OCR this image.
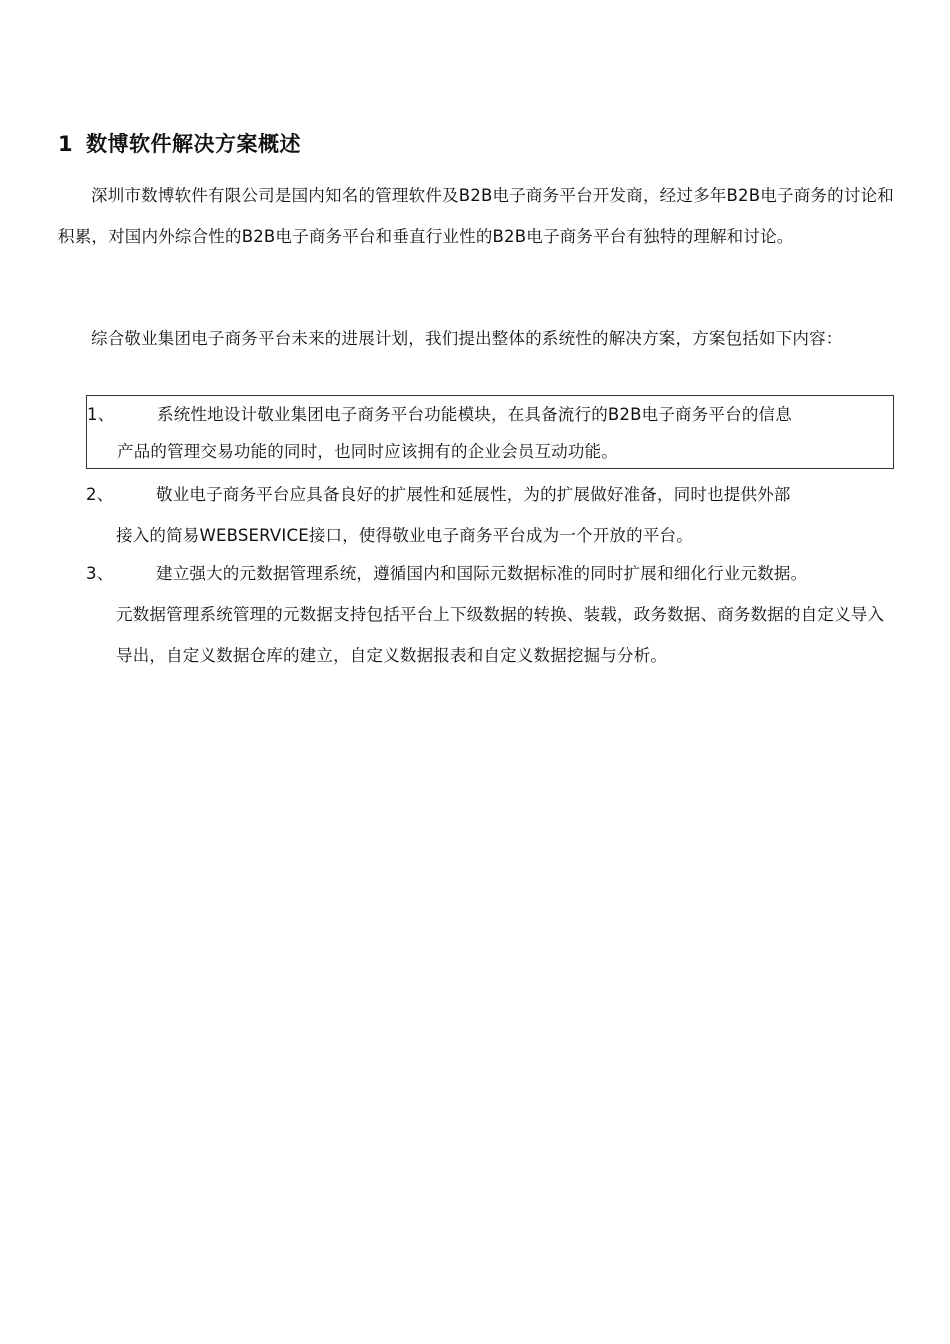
1 数博软件解决方案概述
深圳市数博软件有限公司是国内知名的管理软件及B2B电子商务平台开发商，经过多年B2B电子商务的讨论和积累，对国内外综合性的B2B电子商务平台和垂直行业性的B2B电子商务平台有独特的理解和讨论。
综合敬业集团电子商务平台未来的进展计划，我们提出整体的系统性的解决方案，方案包括如下内容：
1、	系统性地设计敬业集团电子商务平台功能模块，在具备流行的B2B电子商务平台的信息
产品的管理交易功能的同时，也同时应该拥有的企业会员互动功能。
2、	敬业电子商务平台应具备良好的扩展性和延展性，为的扩展做好准备，同时也提供外部
接入的简易WEBSERVICE接口，使得敬业电子商务平台成为一个开放的平台。
3、	建立强大的元数据管理系统，遵循国内和国际元数据标准的同时扩展和细化行业元数据。
元数据管理系统管理的元数据支持包括平台上下级数据的转换、装载，政务数据、商务数据的自定义导入导出，自定义数据仓库的建立，自定义数据报表和自定义数据挖掘与分析。
